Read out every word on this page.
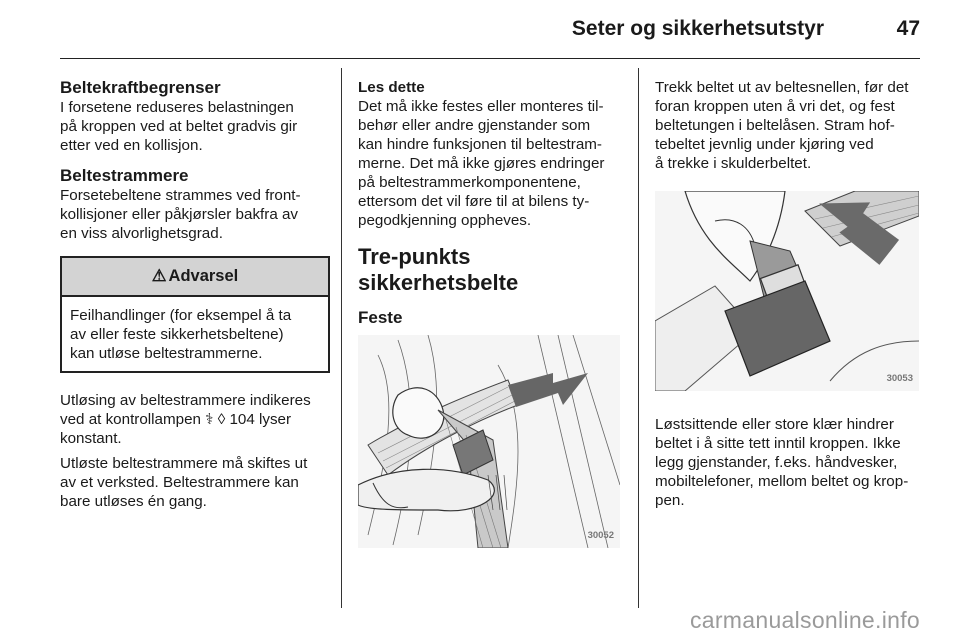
Seter og sikkerhetsutstyr	47
Beltekraftbegrenser

I forsetene reduseres belastningen
på kroppen ved at beltet gradvis gir
etter ved en kollisjon.

Beltestrammere

Forsetebeltene strammes ved front-
kollisjoner eller påkjørsler bakfra av
en viss alvorlighetsgrad.

⚠ Advarsel
Feilhandlinger (for eksempel å ta
av eller feste sikkerhetsbeltene)
kan utløse beltestrammerne.

Utløsing av beltestrammere indikeres
ved at kontrollampen ⚕ ◊ 104 lyser
konstant.

Utløste beltestrammere må skiftes ut
av et verksted. Beltestrammere kan
bare utløses én gang.

Les dette

Det må ikke festes eller monteres til-
behør eller andre gjenstander som
kan hindre funksjonen til beltestram-
merne. Det må ikke gjøres endringer
på beltestrammerkomponentene,
ettersom det vil føre til at bilens ty-
pegodkjenning oppheves.

Tre-punkts sikkerhetsbelte
Feste
30052

Trekk beltet ut av beltesnellen, før det
foran kroppen uten å vri det, og fest
beltetungen i beltelåsen. Stram hof-
tebeltet jevnlig under kjøring ved
å trekke i skulderbeltet.

30053

Løstsittende eller store klær hindrer
beltet i å sitte tett inntil kroppen. Ikke
legg gjenstander, f.eks. håndvesker,
mobiltelefoner, mellom beltet og krop-
pen.

carmanualsonline.info
